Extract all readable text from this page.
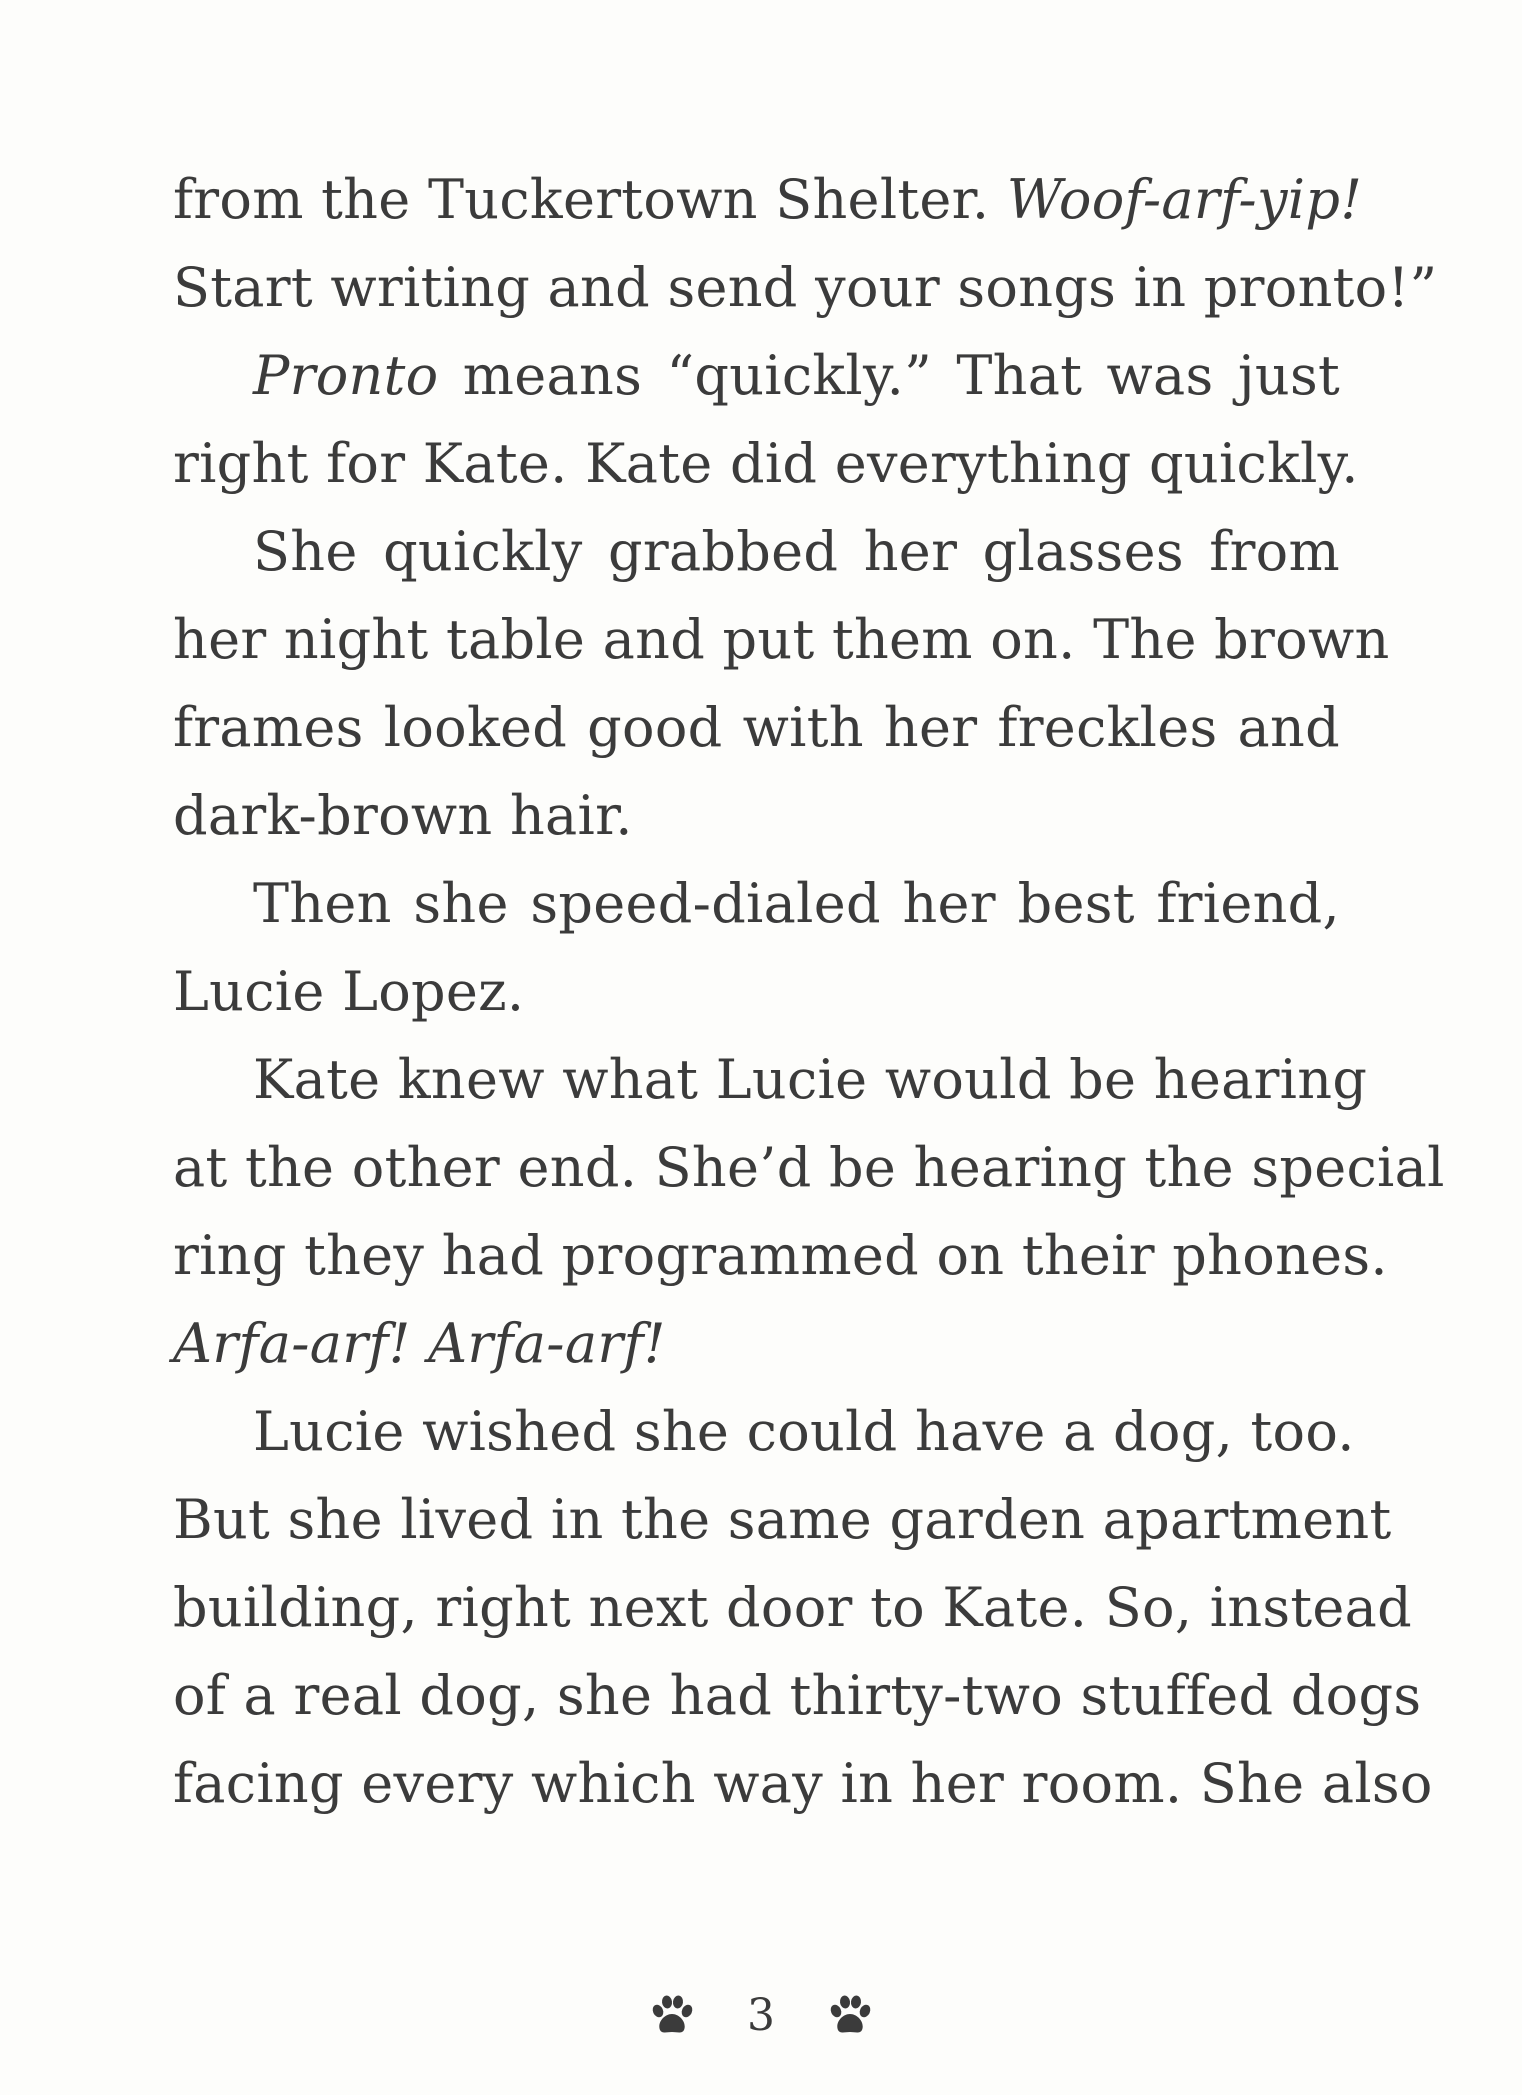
from the Tuckertown Shelter. Woof-arf-yip!
Start writing and send your songs in pronto!”
Pronto means “quickly.” That was just
right for Kate. Kate did everything quickly.
She quickly grabbed her glasses from
her night table and put them on. The brown
frames looked good with her freckles and
dark-brown hair.
Then she speed-dialed her best friend,
Lucie Lopez.
Kate knew what Lucie would be hearing
at the other end. She’d be hearing the special
ring they had programmed on their phones.
Arfa-arf! Arfa-arf!
Lucie wished she could have a dog, too.
But she lived in the same garden apartment
building, right next door to Kate. So, instead
of a real dog, she had thirty-two stuffed dogs
facing every which way in her room. She also
3
